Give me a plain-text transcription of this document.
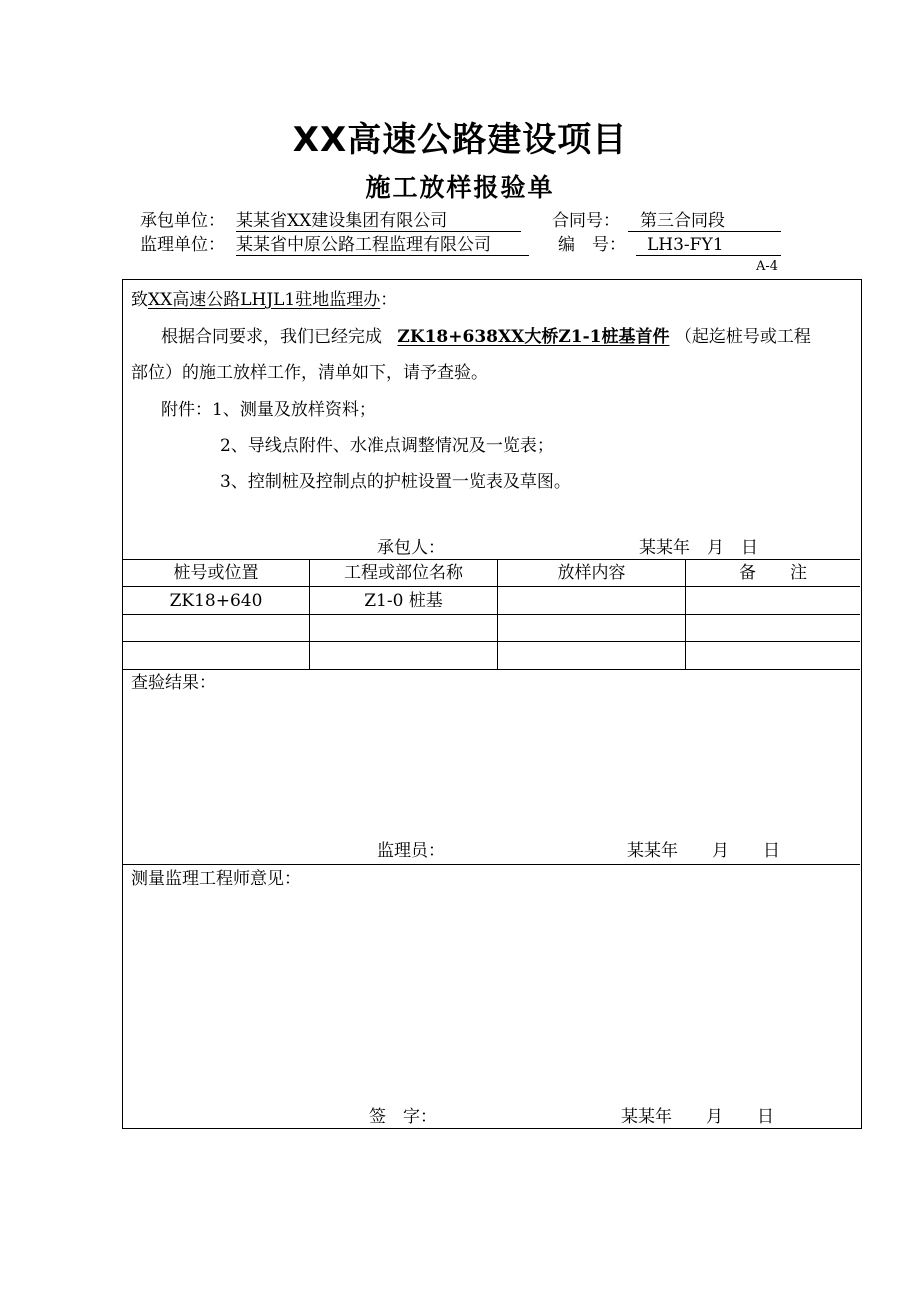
XX高速公路建设项目
施工放样报验单
承包单位： 某某省XX建设集团有限公司	合同号： 第三合同段
监理单位： 某某省中原公路工程监理有限公司	编　号： LH3-FY1
A-4
致XX高速公路LHJL1驻地监理办：
根据合同要求，我们已经完成 ZK18+638XX大桥Z1-1桩基首件 （起迄桩号或工程
部位）的施工放样工作，清单如下，请予查验。
附件：1、测量及放样资料；
2、导线点附件、水准点调整情况及一览表；
3、控制桩及控制点的护桩设置一览表及草图。
承包人：	某某年　月　日
桩号或位置	工程或部位名称	放样内容	备　　注
ZK18+640	Z1-0 桩基
查验结果：
监理员：	某某年　　月　　日
测量监理工程师意见：
签　字：	某某年　　月　　日
